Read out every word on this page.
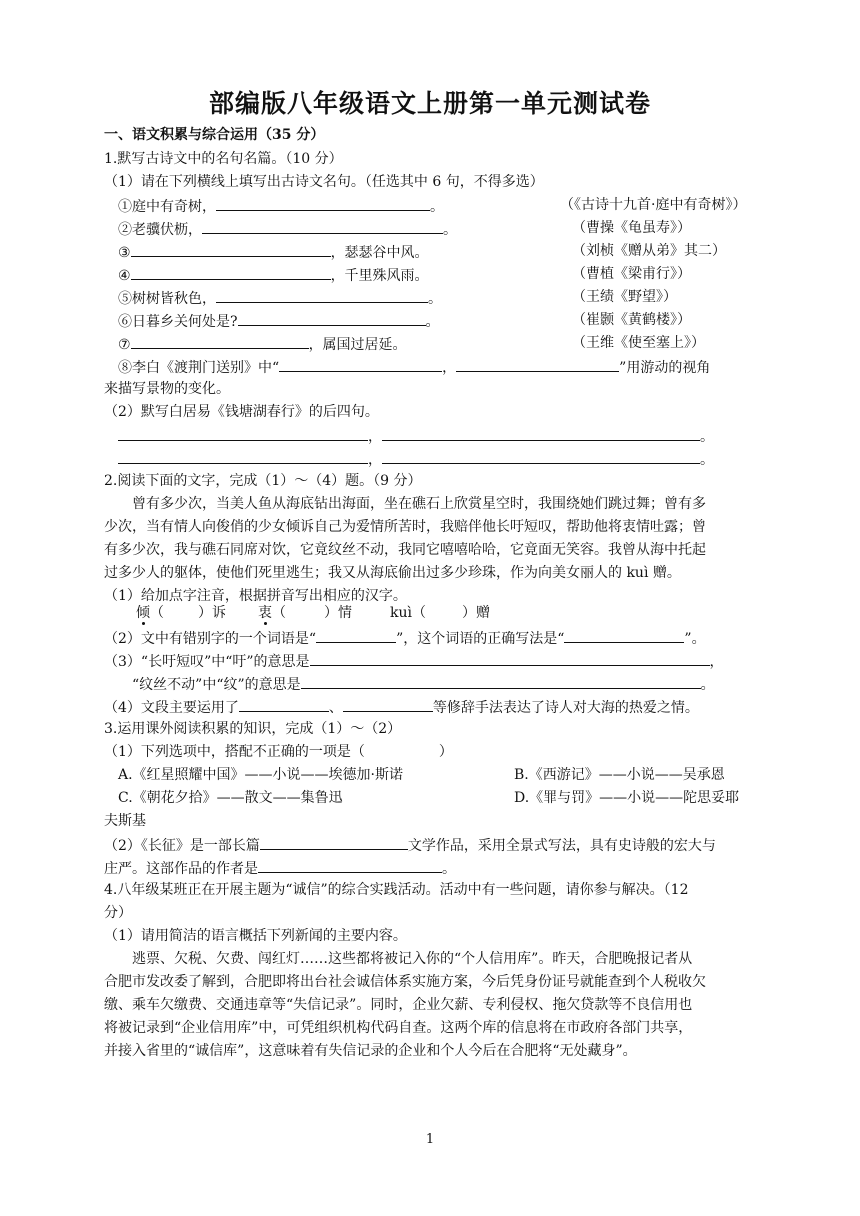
部编版八年级语文上册第一单元测试卷
一、语文积累与综合运用（35 分）
1.默写古诗文中的名句名篇。（10 分）
（1）请在下列横线上填写出古诗文名句。（任选其中 6 句，不得多选）
①庭中有奇树，	。	（《古诗十九首·庭中有奇树》）
②老骥伏枥，	。	（曹操《龟虽寿》）
③	，瑟瑟谷中风。	（刘桢《赠从弟》其二）
④	，千里殊风雨。	（曹植《梁甫行》）
⑤树树皆秋色，	。	（王绩《野望》）
⑥日暮乡关何处是?	。	（崔颢《黄鹤楼》）
⑦	，属国过居延。	（王维《使至塞上》）
⑧李白《渡荆门送别》中“	，	”用游动的视角
来描写景物的变化。
（2）默写白居易《钱塘湖春行》的后四句。
，	。
，	。
2.阅读下面的文字，完成（1）～（4）题。（9 分）
曾有多少次，当美人鱼从海底钻出海面，坐在礁石上欣赏星空时，我围绕她们跳过舞；曾有多
少次，当有情人向俊俏的少女倾诉自己为爱情所苦时，我赔伴他长吁短叹，帮助他将衷情吐露；曾
有多少次，我与礁石同席对饮，它竟纹丝不动，我同它嘻嘻哈哈，它竟面无笑容。我曾从海中托起
过多少人的躯体，使他们死里逃生；我又从海底偷出过多少珍珠，作为向美女丽人的 kuì 赠。
（1）给加点字注音，根据拼音写出相应的汉字。
倾（ ）诉 衷（	）情	kuì（	）赠
（2）文中有错别字的一个词语是“	”，这个词语的正确写法是“	”。
（3）“长吁短叹”中“吁”的意思是	，
“纹丝不动”中“纹”的意思是	。
（4）文段主要运用了	、	等修辞手法表达了诗人对大海的热爱之情。
3.运用课外阅读积累的知识，完成（1）～（2）
（1）下列选项中，搭配不正确的一项是（	）
A.《红星照耀中国》——小说——埃德加·斯诺	B.《西游记》——小说——吴承恩
C.《朝花夕拾》——散文——集鲁迅	D.《罪与罚》——小说——陀思妥耶
夫斯基
（2）《长征》是一部长篇	文学作品，采用全景式写法，具有史诗般的宏大与
庄严。这部作品的作者是	。
4.八年级某班正在开展主题为“诚信”的综合实践活动。活动中有一些问题，请你参与解决。（12
分）
（1）请用简洁的语言概括下列新闻的主要内容。
逃票、欠税、欠费、闯红灯……这些都将被记入你的“个人信用库”。昨天，合肥晚报记者从
合肥市发改委了解到，合肥即将出台社会诚信体系实施方案，今后凭身份证号就能查到个人税收欠
缴、乘车欠缴费、交通违章等“失信记录”。同时，企业欠薪、专利侵权、拖欠贷款等不良信用也
将被记录到“企业信用库”中，可凭组织机构代码自查。这两个库的信息将在市政府各部门共享，
并接入省里的“诚信库”，这意味着有失信记录的企业和个人今后在合肥将“无处藏身”。
1
